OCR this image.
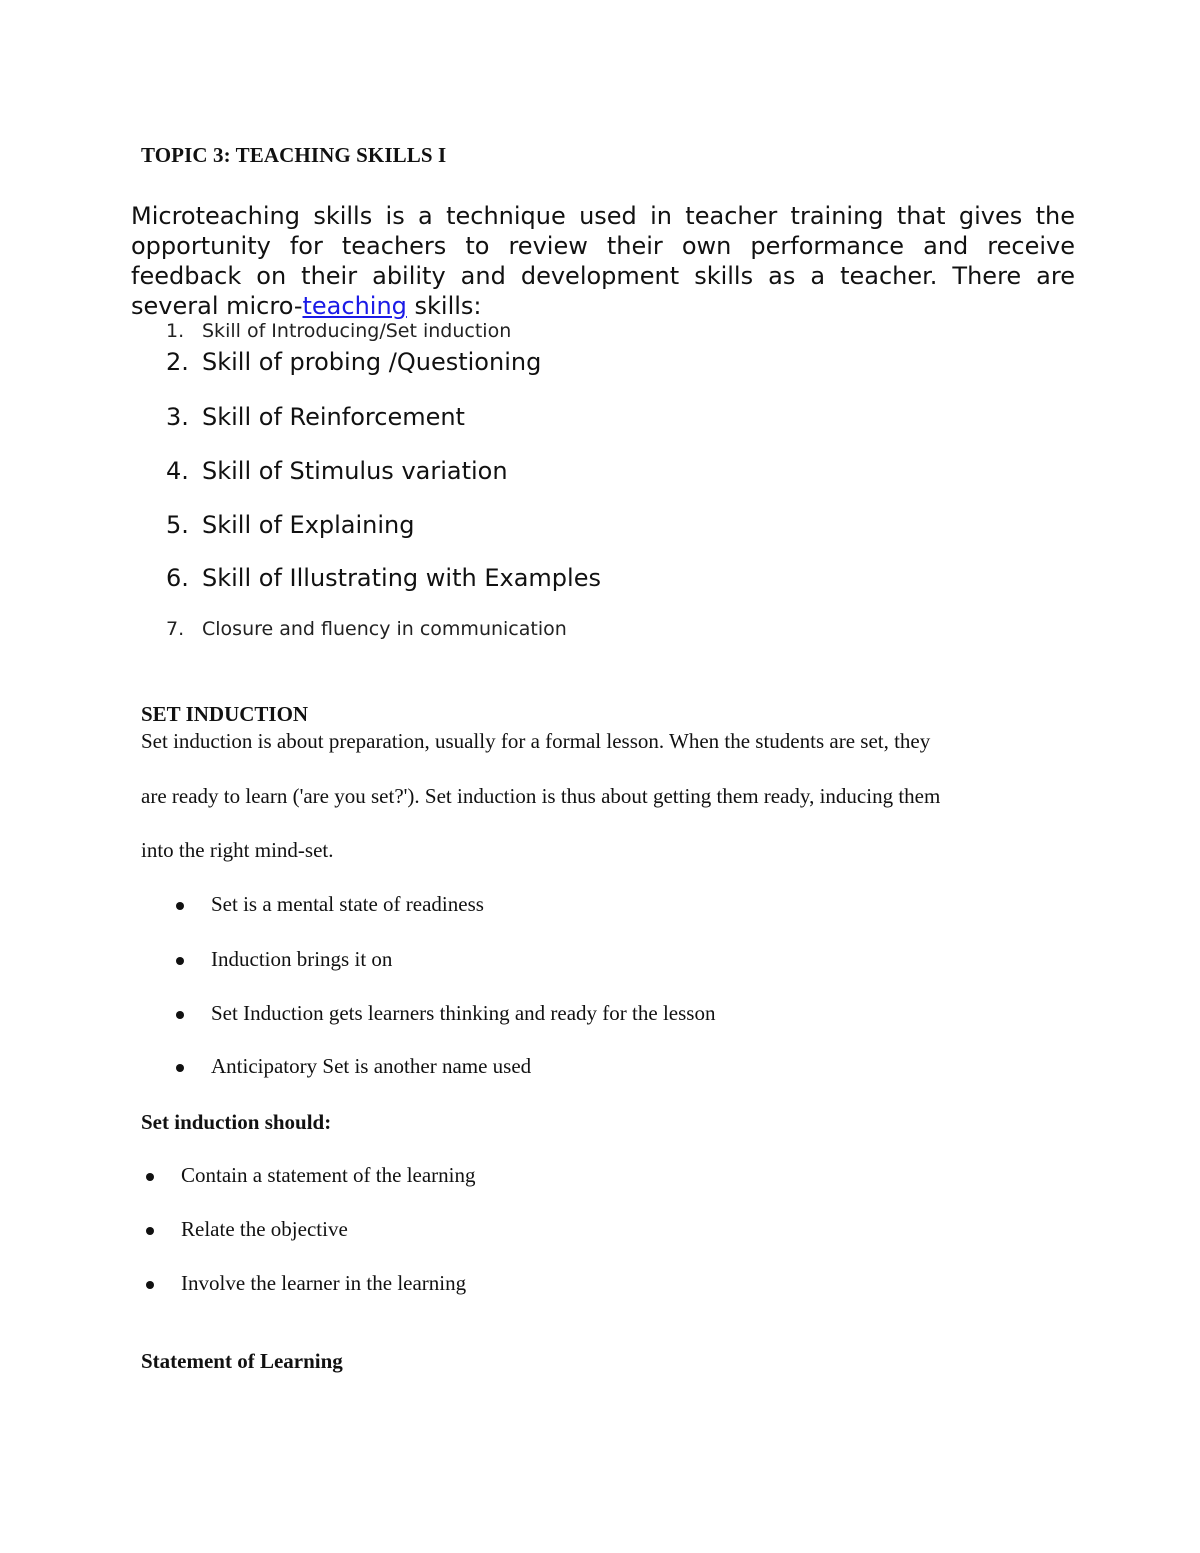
TOPIC 3: TEACHING SKILLS I
Microteaching skills is a technique used in teacher training that gives the opportunity for teachers to review their own performance and receive feedback on their ability and development skills as a teacher. There are several micro-teaching skills:
1. Skill of Introducing/Set induction
2. Skill of probing /Questioning
3. Skill of Reinforcement
4. Skill of Stimulus variation
5. Skill of Explaining
6. Skill of Illustrating with Examples
7. Closure and fluency in communication
SET INDUCTION
Set induction is about preparation, usually for a formal lesson. When the students are set, they
are ready to learn ('are you set?'). Set induction is thus about getting them ready, inducing them
into the right mind-set.
Set is a mental state of readiness
Induction brings it on
Set Induction gets learners thinking and ready for the lesson
Anticipatory Set is another name used
Set induction should:
Contain a statement of the learning
Relate the objective
Involve the learner in the learning
Statement of Learning
